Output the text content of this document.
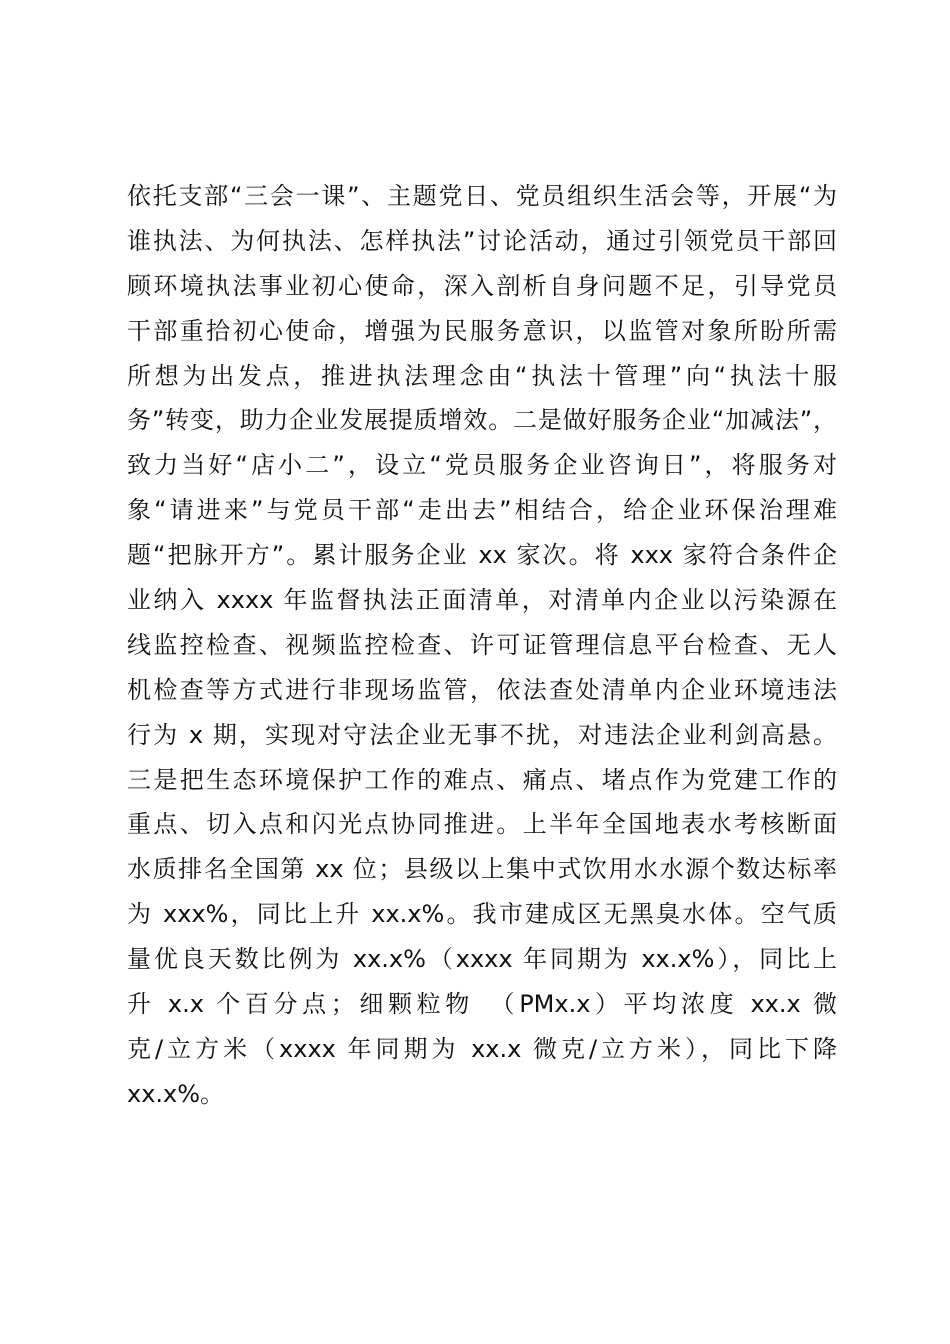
依托支部“三会一课”、主题党日、党员组织生活会等，开展“为
谁执法、为何执法、怎样执法”讨论活动，通过引领党员干部回
顾环境执法事业初心使命，深入剖析自身问题不足，引导党员
干部重拾初心使命，增强为民服务意识，以监管对象所盼所需
所想为出发点，推进执法理念由“执法十管理”向“执法十服
务”转变，助力企业发展提质增效。二是做好服务企业“加减法”，
致力当好“店小二”，设立“党员服务企业咨询日”，将服务对
象“请进来”与党员干部“走出去”相结合，给企业环保治理难
题“把脉开方”。累计服务企业 xx 家次。将 xxx 家符合条件企
业纳入 xxxx 年监督执法正面清单，对清单内企业以污染源在
线监控检查、视频监控检查、许可证管理信息平台检查、无人
机检查等方式进行非现场监管，依法查处清单内企业环境违法
行为 x 期，实现对守法企业无事不扰，对违法企业利剑高悬。
三是把生态环境保护工作的难点、痛点、堵点作为党建工作的
重点、切入点和闪光点协同推进。上半年全国地表水考核断面
水质排名全国第 xx 位；县级以上集中式饮用水水源个数达标率
为 xxx%，同比上升 xx.x%。我市建成区无黑臭水体。空气质
量优良天数比例为 xx.x%（xxxx 年同期为 xx.x%），同比上
升 x.x 个百分点；细颗粒物　（PMx.x）平均浓度 xx.x 微
克/立方米（xxxx 年同期为 xx.x 微克/立方米），同比下降
xx.x%。
